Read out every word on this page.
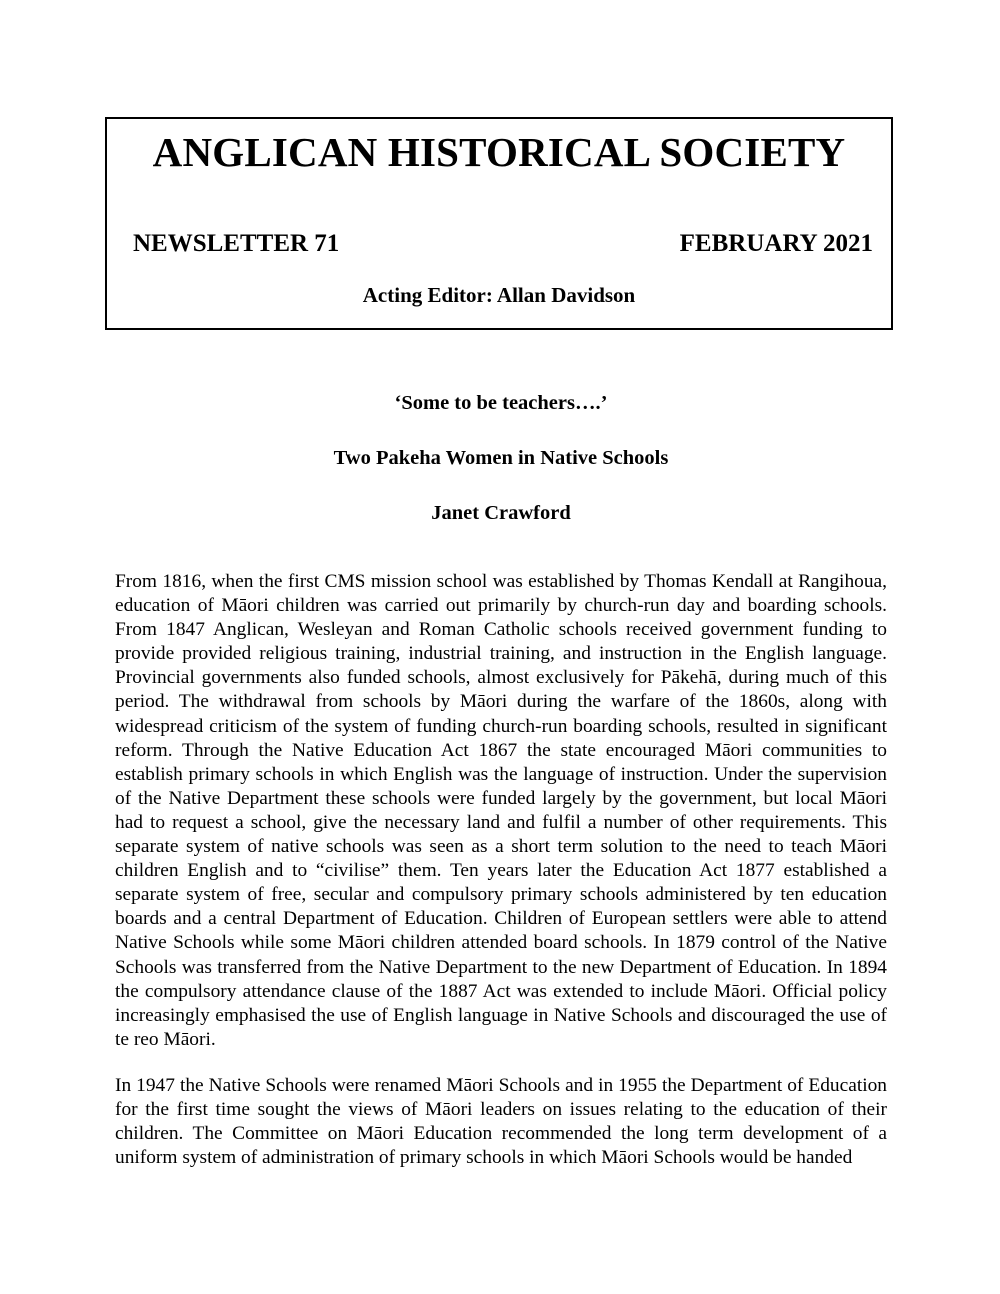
ANGLICAN HISTORICAL SOCIETY
NEWSLETTER 71	FEBRUARY 2021
Acting Editor: Allan Davidson
‘Some to be teachers….’
Two Pakeha Women in Native Schools
Janet Crawford

From 1816, when the first CMS mission school was established by Thomas Kendall at Rangihoua, education of Māori children was carried out primarily by church-run day and boarding schools. From 1847 Anglican, Wesleyan and Roman Catholic schools received government funding to provide provided religious training, industrial training, and instruction in the English language. Provincial governments also funded schools, almost exclusively for Pākehā, during much of this period. The withdrawal from schools by Māori during the warfare of the 1860s, along with widespread criticism of the system of funding church-run boarding schools, resulted in significant reform. Through the Native Education Act 1867 the state encouraged Māori communities to establish primary schools in which English was the language of instruction. Under the supervision of the Native Department these schools were funded largely by the government, but local Māori had to request a school, give the necessary land and fulfil a number of other requirements. This separate system of native schools was seen as a short term solution to the need to teach Māori children English and to “civilise” them. Ten years later the Education Act 1877 established a separate system of free, secular and compulsory primary schools administered by ten education boards and a central Department of Education. Children of European settlers were able to attend Native Schools while some Māori children attended board schools. In 1879 control of the Native Schools was transferred from the Native Department to the new Department of Education. In 1894 the compulsory attendance clause of the 1887 Act was extended to include Māori. Official policy increasingly emphasised the use of English language in Native Schools and discouraged the use of te reo Māori.

In 1947 the Native Schools were renamed Māori Schools and in 1955 the Department of Education for the first time sought the views of Māori leaders on issues relating to the education of their children. The Committee on Māori Education recommended the long term development of a uniform system of administration of primary schools in which Māori Schools would be handed
